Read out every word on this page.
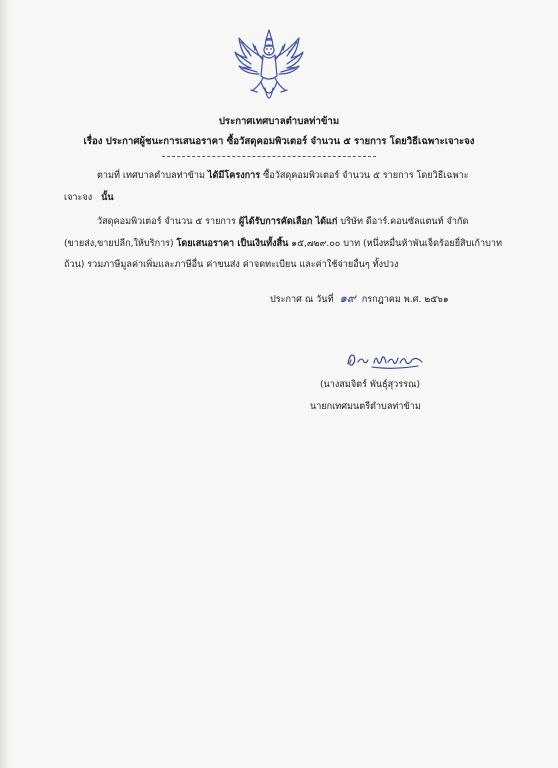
ประกาศเทศบาลตำบลท่าข้าม
เรื่อง ประกาศผู้ชนะการเสนอราคา ซื้อวัสดุคอมพิวเตอร์ จำนวน ๕ รายการ โดยวิธีเฉพาะเจาะจง
ตามที่ เทศบาลตำบลท่าข้าม ได้มีโครงการ ซื้อวัสดุคอมพิวเตอร์ จำนวน ๕ รายการ โดยวิธีเฉพาะ
เจาะจง นั้น
วัสดุคอมพิวเตอร์ จำนวน ๕ รายการ ผู้ได้รับการคัดเลือก ได้แก่ บริษัท ดีอาร์.คอนซัลแตนท์ จำกัด
(ขายส่ง,ขายปลีก,ให้บริการ) โดยเสนอราคา เป็นเงินทั้งสิ้น ๑๕,๗๒๙.๐๐ บาท (หนึ่งหมื่นห้าพันเจ็ดร้อยยี่สิบเก้าบาท
ถ้วน) รวมภาษีมูลค่าเพิ่มและภาษีอื่น ค่าขนส่ง ค่าจดทะเบียน และค่าใช้จ่ายอื่นๆ ทั้งปวง
ประกาศ ณ วันที่ ๑๙ กรกฎาคม พ.ศ. ๒๕๖๑
(นางสมจิตร์ พันธุ์สุวรรณ)
นายกเทศมนตรีตำบลท่าข้าม
